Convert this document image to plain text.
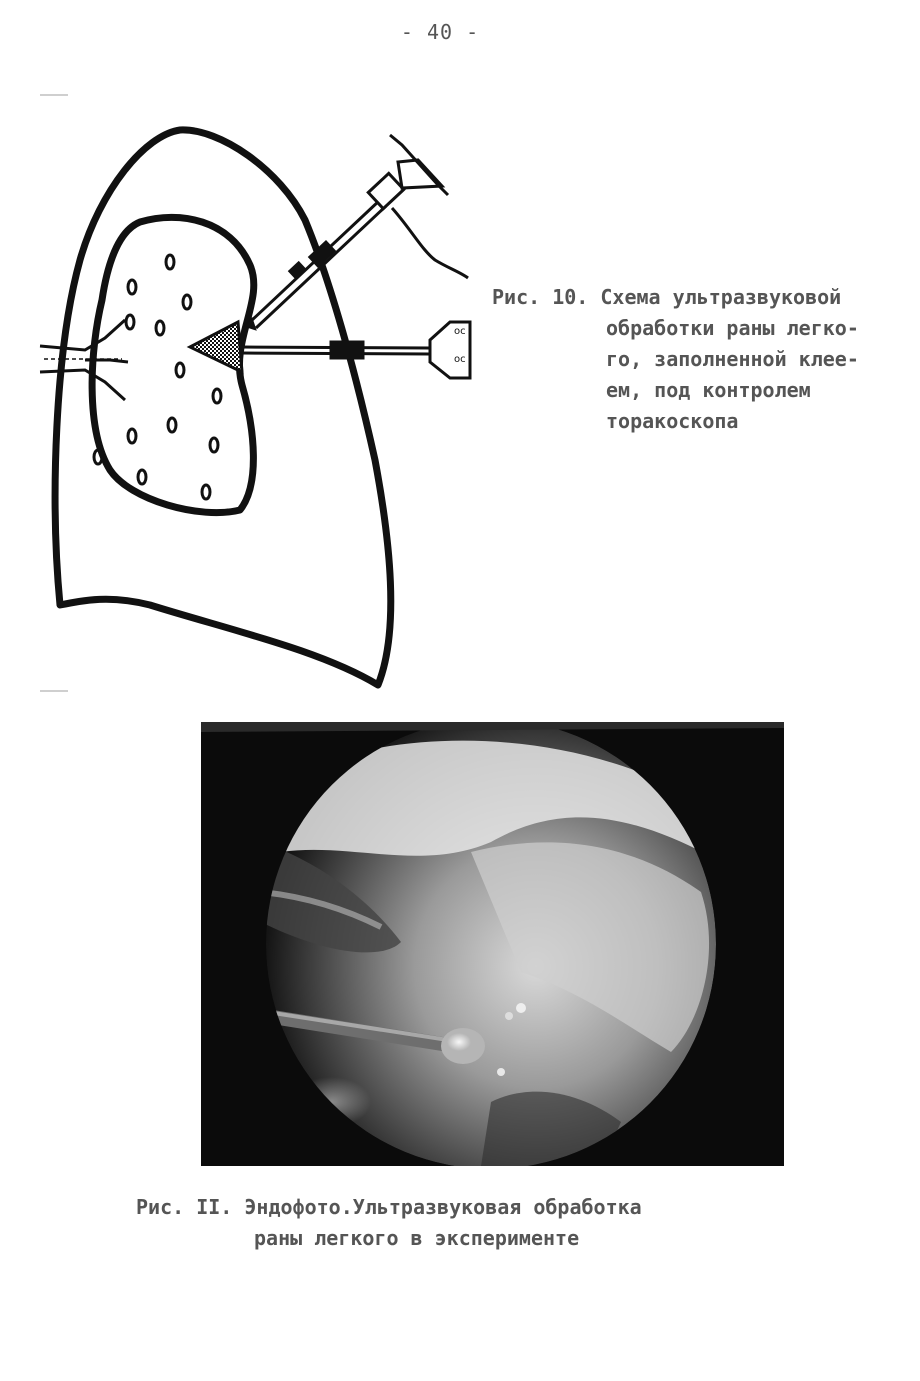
- 40 -
oc
oc
Рис. 10. Схема ультразвуковой

обработки раны легко-
го, заполненной клее-
ем, под контролем
торакоскопа
Рис. II. Эндофото.Ультразвуковая обработка

раны легкого в эксперименте
